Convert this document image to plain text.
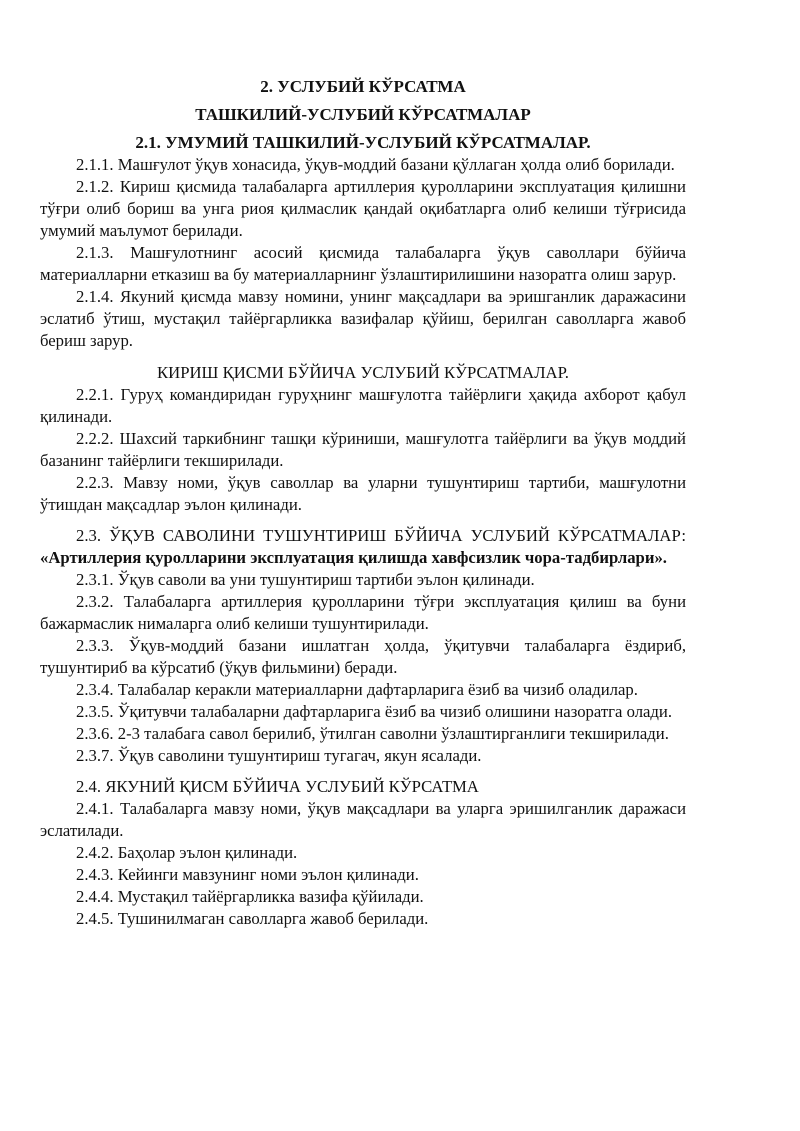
2. УСЛУБИЙ КЎРСАТМА
ТАШКИЛИЙ-УСЛУБИЙ КЎРСАТМАЛАР
2.1. УМУМИЙ ТАШКИЛИЙ-УСЛУБИЙ КЎРСАТМАЛАР.

2.1.1. Машғулот ўқув хонасида, ўқув-моддий базани қўллаган ҳолда олиб борилади.

2.1.2. Кириш қисмида талабаларга артиллерия қуролларини эксплуатация қилишни тўғри олиб бориш ва унга риоя қилмаслик қандай оқибатларга олиб келиши тўғрисида умумий маълумот берилади.

2.1.3. Машғулотнинг асосий қисмида талабаларга ўқув саволлари бўйича материалларни етказиш ва бу материалларнинг ўзлаштирилишини назоратга олиш зарур.

2.1.4. Якуний қисмда мавзу номини, унинг мақсадлари ва эришганлик даражасини эслатиб ўтиш, мустақил тайёргарликка вазифалар қўйиш, берилган саволларга жавоб бериш зарур.

КИРИШ ҚИСМИ БЎЙИЧА УСЛУБИЙ КЎРСАТМАЛАР.

2.2.1. Гуруҳ командиридан гуруҳнинг машғулотга тайёрлиги ҳақида ахборот қабул қилинади.

2.2.2. Шахсий таркибнинг ташқи кўриниши, машғулотга тайёрлиги ва ўқув моддий базанинг тайёрлиги текширилади.

2.2.3. Мавзу номи, ўқув саволлар ва уларни тушунтириш тартиби, машғулотни ўтишдан мақсадлар эълон қилинади.

2.3. ЎҚУВ САВОЛИНИ ТУШУНТИРИШ БЎЙИЧА УСЛУБИЙ КЎРСАТМАЛАР: «Артиллерия қуролларини эксплуатация қилишда хавфсизлик чора-тадбирлари».

2.3.1. Ўқув саволи ва уни тушунтириш тартиби эълон қилинади.

2.3.2. Талабаларга артиллерия қуролларини тўғри эксплуатация қилиш ва буни бажармаслик нималарга олиб келиши тушунтирилади.

2.3.3. Ўқув-моддий базани ишлатган ҳолда, ўқитувчи талабаларга ёздириб, тушунтириб ва кўрсатиб (ўқув фильмини) беради.

2.3.4. Талабалар керакли материалларни дафтарларига ёзиб ва чизиб оладилар.

2.3.5. Ўқитувчи талабаларни дафтарларига ёзиб ва чизиб олишини назоратга олади.

2.3.6. 2-3 талабага савол берилиб, ўтилган саволни ўзлаштирганлиги текширилади.

2.3.7. Ўқув саволини тушунтириш тугагач, якун ясалади.

2.4. ЯКУНИЙ ҚИСМ БЎЙИЧА УСЛУБИЙ КЎРСАТМА

2.4.1. Талабаларга мавзу номи, ўқув мақсадлари ва уларга эришилганлик даражаси эслатилади.

2.4.2. Баҳолар эълон қилинади.

2.4.3. Кейинги мавзунинг номи эълон қилинади.

2.4.4. Мустақил тайёргарликка вазифа қўйилади.

2.4.5. Тушинилмаган саволларга жавоб берилади.
